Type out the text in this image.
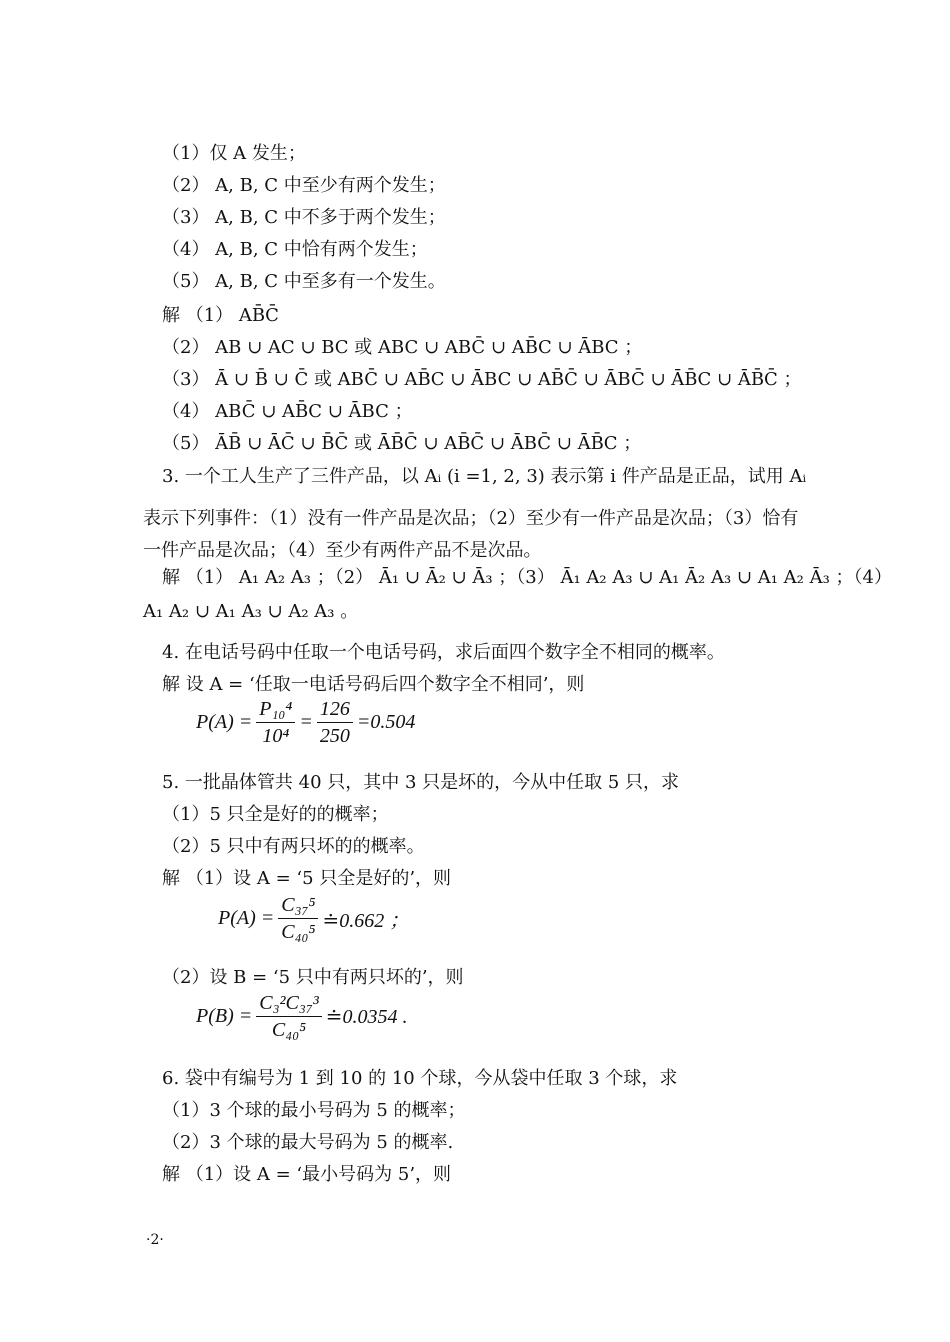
（1）仅 A 发生；
（2） A, B, C 中至少有两个发生；
（3） A, B, C 中不多于两个发生；
（4） A, B, C 中恰有两个发生；
（5） A, B, C 中至多有一个发生。
解 （1） AB̄C̄
（2） AB ∪ AC ∪ BC 或 ABC ∪ ABC̄ ∪ AB̄C ∪ ĀBC ；
（3） Ā ∪ B̄ ∪ C̄ 或 ABC̄ ∪ AB̄C ∪ ĀBC ∪ AB̄C̄ ∪ ĀBC̄ ∪ ĀB̄C ∪ ĀB̄C̄ ；
（4） ABC̄ ∪ AB̄C ∪ ĀBC ；
（5） ĀB̄ ∪ ĀC̄ ∪ B̄C̄ 或 ĀB̄C̄ ∪ AB̄C̄ ∪ ĀBC̄ ∪ ĀB̄C ；
3. 一个工人生产了三件产品，以 Aᵢ (i =1, 2, 3) 表示第 i 件产品是正品，试用 Aᵢ
表示下列事件：（1）没有一件产品是次品；（2）至少有一件产品是次品；（3）恰有
一件产品是次品；（4）至少有两件产品不是次品。
解 （1） A₁ A₂ A₃ ；（2） Ā₁ ∪ Ā₂ ∪ Ā₃ ；（3） Ā₁ A₂ A₃ ∪ A₁ Ā₂ A₃ ∪ A₁ A₂ Ā₃ ；（4）
A₁ A₂ ∪ A₁ A₃ ∪ A₂ A₃ 。
4. 在电话号码中任取一个电话号码，求后面四个数字全不相同的概率。
解 设 A = ‘任取一电话号码后四个数字全不相同’，则
5. 一批晶体管共 40 只，其中 3 只是坏的，今从中任取 5 只，求
（1）5 只全是好的的概率；
（2）5 只中有两只坏的的概率。
解 （1）设 A = ‘5 只全是好的’，则
（2）设 B = ‘5 只中有两只坏的’，则
6. 袋中有编号为 1 到 10 的 10 个球，今从袋中任取 3 个球，求
（1）3 个球的最小号码为 5 的概率；
（2）3 个球的最大号码为 5 的概率.
解 （1）设 A = ‘最小号码为 5’，则
$P(A) = \frac{\text{P₁₀⁴}}{\text{10⁴}} = \frac{126}{250} =0.504$
$P(A) = \frac{\text{C₃₇⁵}}{\text{C₄₀⁵}}$ ≐0.662 ；
$P(B) = \frac{\text{C₃²C₃₇³}}{\text{C₄₀⁵}}$ ≐0.0354 .
·2·
